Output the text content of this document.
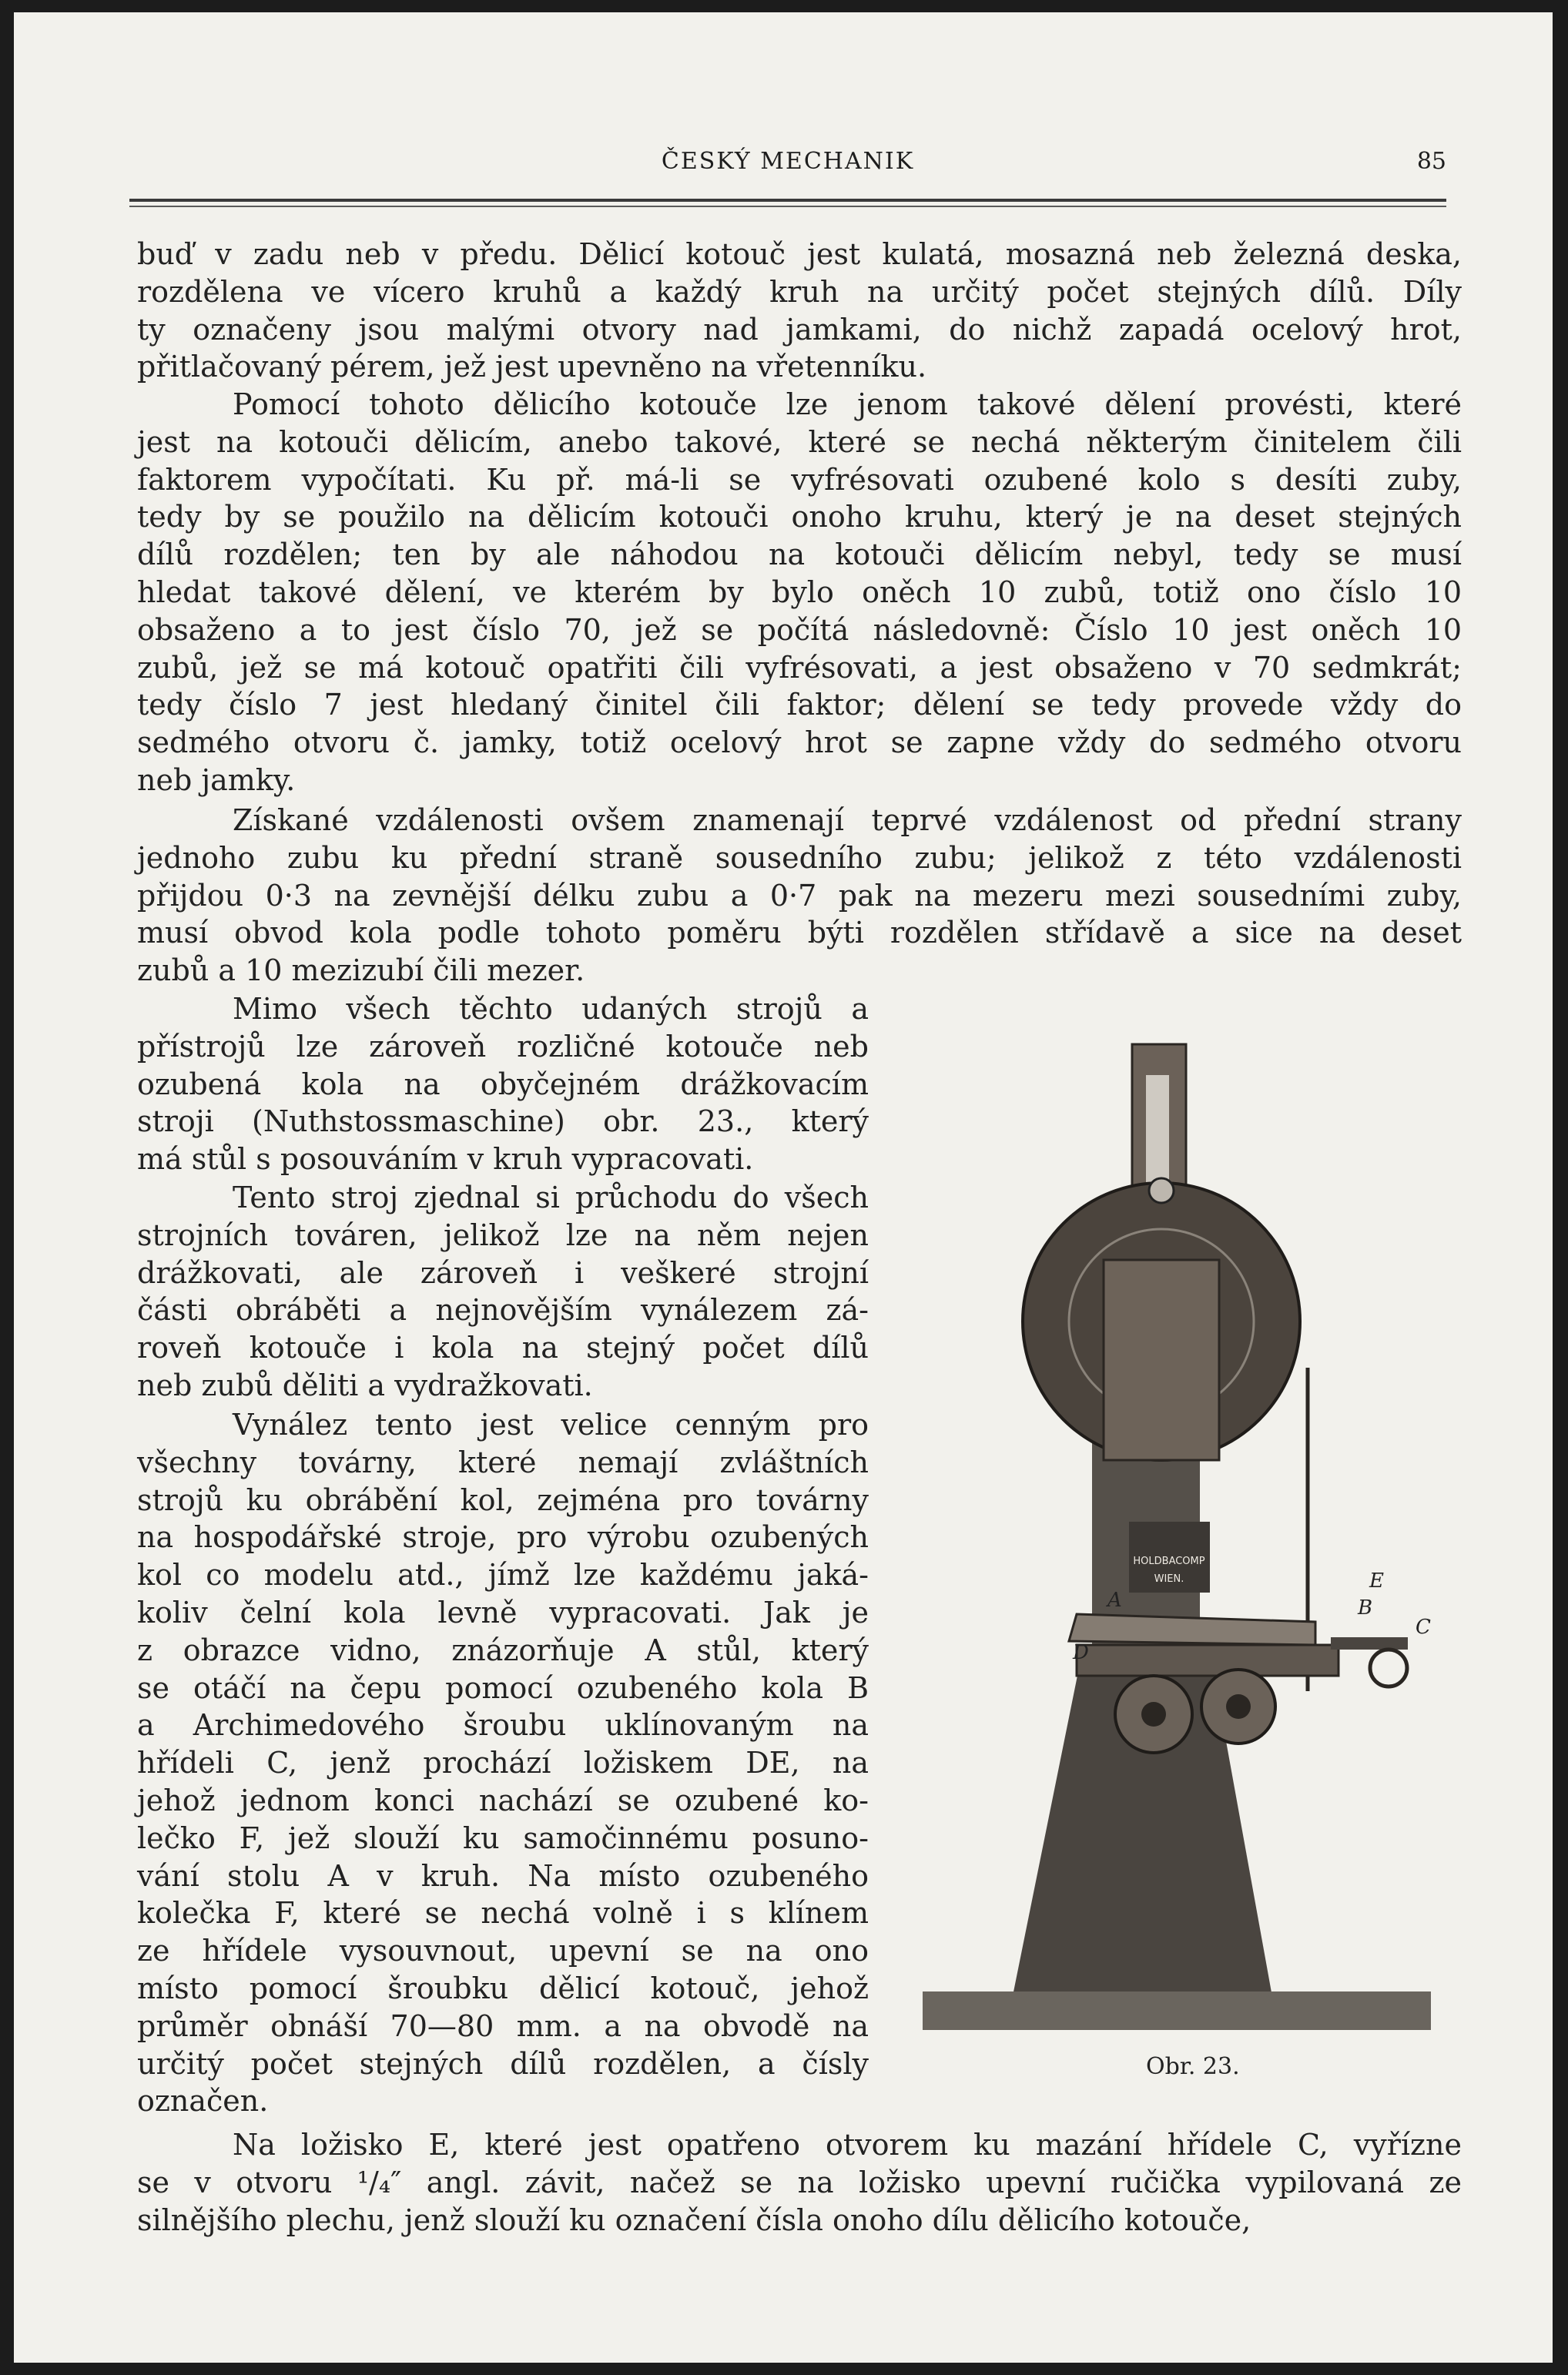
ČESKÝ MECHANIK	85
buď v zadu neb v předu. Dělicí kotouč jest kulatá, mosazná neb železná deska,
rozdělena ve vícero kruhů a každý kruh na určitý počet stejných dílů. Díly
ty označeny jsou malými otvory nad jamkami, do nichž zapadá ocelový hrot,
přitlačovaný pérem, jež jest upevněno na vřetenníku.
Pomocí tohoto dělicího kotouče lze jenom takové dělení provésti, které
jest na kotouči dělicím, anebo takové, které se nechá některým činitelem čili
faktorem vypočítati. Ku př. má-li se vyfrésovati ozubené kolo s desíti zuby,
tedy by se použilo na dělicím kotouči onoho kruhu, který je na deset stejných
dílů rozdělen; ten by ale náhodou na kotouči dělicím nebyl, tedy se musí
hledat takové dělení, ve kterém by bylo oněch 10 zubů, totiž ono číslo 10
obsaženo a to jest číslo 70, jež se počítá následovně: Číslo 10 jest oněch 10
zubů, jež se má kotouč opatřiti čili vyfrésovati, a jest obsaženo v 70 sedmkrát;
tedy číslo 7 jest hledaný činitel čili faktor; dělení se tedy provede vždy do
sedmého otvoru č. jamky, totiž ocelový hrot se zapne vždy do sedmého otvoru
neb jamky.
Získané vzdálenosti ovšem znamenají teprvé vzdálenost od přední strany
jednoho zubu ku přední straně sousedního zubu; jelikož z této vzdálenosti
přijdou 0·3 na zevnější délku zubu a 0·7 pak na mezeru mezi sousedními zuby,
musí obvod kola podle tohoto poměru býti rozdělen střídavě a sice na deset
zubů a 10 mezizubí čili mezer.
Mimo všech těchto udaných strojů a
přístrojů lze zároveň rozličné kotouče neb
ozubená kola na obyčejném drážkovacím
stroji (Nuthstossmaschine) obr. 23., který
má stůl s posouváním v kruh vypracovati.
Tento stroj zjednal si průchodu do všech
strojních továren, jelikož lze na něm nejen
drážkovati, ale zároveň i veškeré strojní
části obráběti a nejnovějším vynálezem zá-
roveň kotouče i kola na stejný počet dílů
neb zubů děliti a vydražkovati.
Vynález tento jest velice cenným pro
všechny továrny, které nemají zvláštních
strojů ku obrábění kol, zejména pro továrny
na hospodářské stroje, pro výrobu ozubených
kol co modelu atd., jímž lze každému jaká-
koliv čelní kola levně vypracovati. Jak je
z obrazce vidno, znázorňuje A stůl, který
se otáčí na čepu pomocí ozubeného kola B
a Archimedového šroubu uklínovaným na
hřídeli C, jenž prochází ložiskem DE, na
jehož jednom konci nachází se ozubené ko-
lečko F, jež slouží ku samočinnému posuno-
vání stolu A v kruh. Na místo ozubeného
kolečka F, které se nechá volně i s klínem
ze hřídele vysouvnout, upevní se na ono
místo pomocí šroubku dělicí kotouč, jehož
průměr obnáší 70—80 mm. a na obvodě na
určitý počet stejných dílů rozdělen, a čísly
označen.
Na ložisko E, které jest opatřeno otvorem ku mazání hřídele C, vyřízne
se v otvoru ¹/₄″ angl. závit, načež se na ložisko upevní ručička vypilovaná ze
silnějšího plechu, jenž slouží ku označení čísla onoho dílu dělicího kotouče,
HOLDBACOMP
WIEN.
A	B
C
D
E
Obr. 23.
